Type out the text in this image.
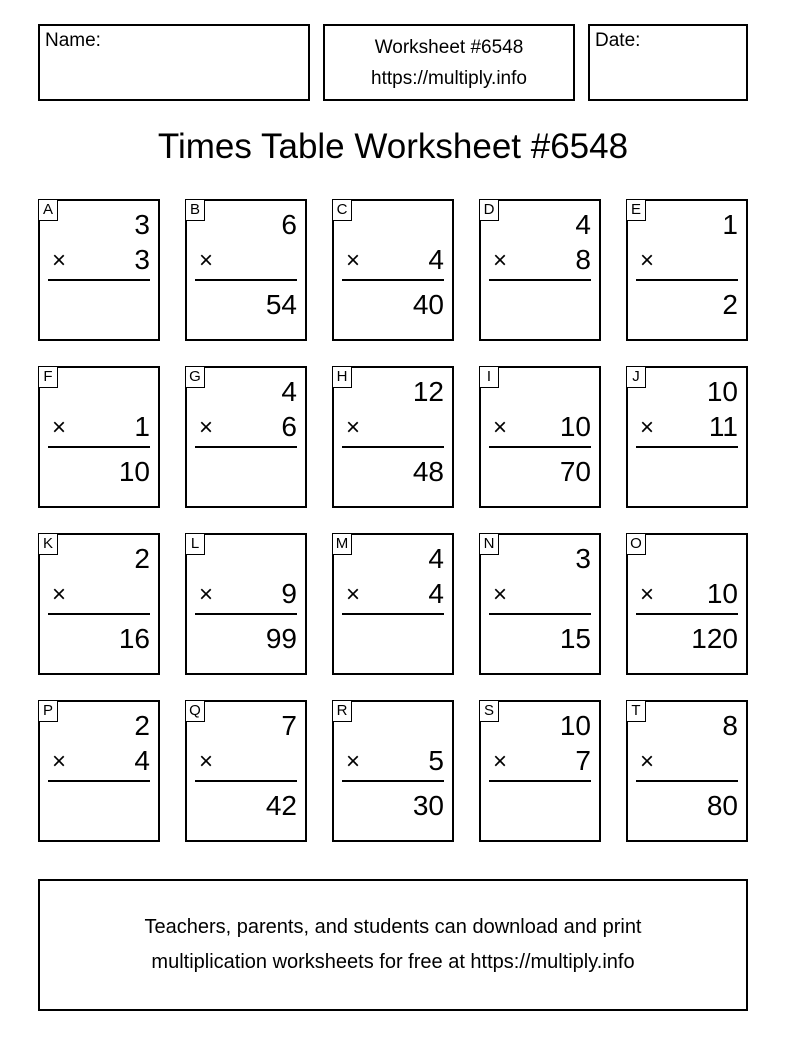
Name:	Worksheet #6548
https://multiply.info
Date:
Times Table Worksheet #6548
A	3
× 3
B	6
×
54
C
× 4
40
D	4
× 8
E	1
×
2
F
× 1
10
G	4
× 6
H 12
×
48
I
× 10
70
J 10
× 11
K	2
×
16
L
× 9
99
M	4
× 4
N	3
×
15
O
× 10
120
P	2
× 4
Q	7
×
42
R
× 5
30
S 10
× 7
T	8
×
80
Teachers, parents, and students can download and print
multiplication worksheets for free at https://multiply.info
